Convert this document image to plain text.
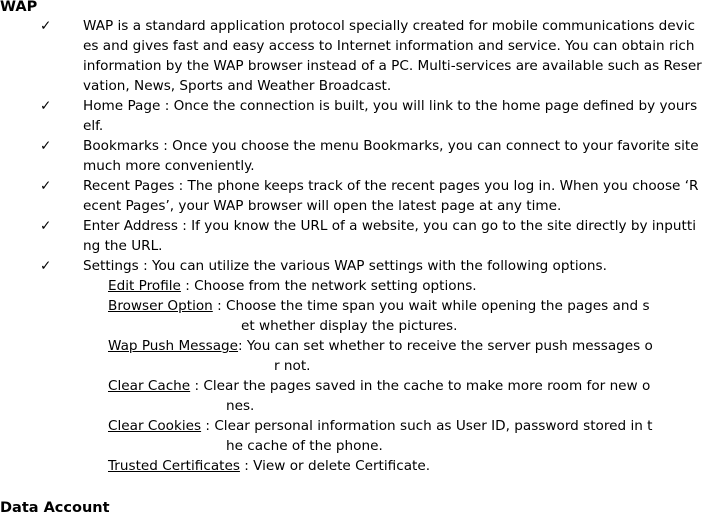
WAP
✓ WAP is a standard application protocol specially created for mobile communications devices and gives fast and easy access to Internet information and service. You can obtain rich information by the WAP browser instead of a PC. Multi-services are available such as Reservation, News, Sports and Weather Broadcast.
✓ Home Page : Once the connection is built, you will link to the home page defined by yourself.
✓ Bookmarks : Once you choose the menu Bookmarks, you can connect to your favorite site much more conveniently.
✓ Recent Pages : The phone keeps track of the recent pages you log in. When you choose ‘Recent Pages’, your WAP browser will open the latest page at any time.
✓ Enter Address : If you know the URL of a website, you can go to the site directly by inputting the URL.
✓ Settings : You can utilize the various WAP settings with the following options.
Edit Profile : Choose from the network setting options.
Browser Option : Choose the time span you wait while opening the pages and s
et whether display the pictures.
Wap Push Message: You can set whether to receive the server push messages o
r not.
Clear Cache : Clear the pages saved in the cache to make more room for new o
nes.
Clear Cookies : Clear personal information such as User ID, password stored in t
he cache of the phone.
Trusted Certificates : View or delete Certificate.
Data Account
